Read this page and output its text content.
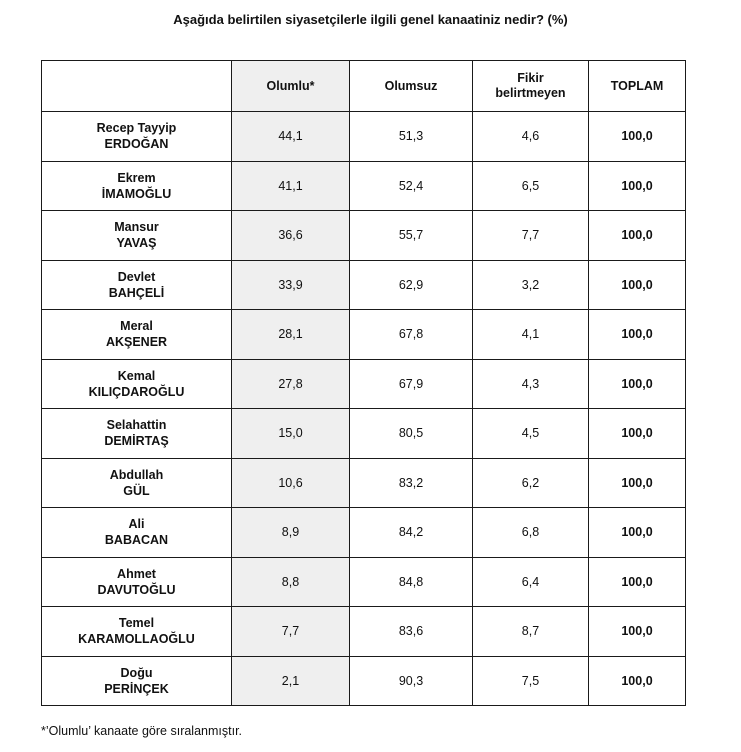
Aşağıda belirtilen siyasetçilerle ilgili genel kanaatiniz nedir? (%)
	Olumlu*	Olumsuz	Fikir
belirtmeyen	TOPLAM
Recep Tayyip
ERDOĞAN	44,1	51,3	4,6	100,0
Ekrem
İMAMOĞLU	41,1	52,4	6,5	100,0
Mansur
YAVAŞ	36,6	55,7	7,7	100,0
Devlet
BAHÇELİ	33,9	62,9	3,2	100,0
Meral
AKŞENER	28,1	67,8	4,1	100,0
Kemal
KILIÇDAROĞLU	27,8	67,9	4,3	100,0
Selahattin
DEMİRTAŞ	15,0	80,5	4,5	100,0
Abdullah
GÜL	10,6	83,2	6,2	100,0
Ali
BABACAN	8,9	84,2	6,8	100,0
Ahmet
DAVUTOĞLU	8,8	84,8	6,4	100,0
Temel
KARAMOLLAOĞLU	7,7	83,6	8,7	100,0
Doğu
PERİNÇEK	2,1	90,3	7,5	100,0
*’Olumlu’ kanaate göre sıralanmıştır.
